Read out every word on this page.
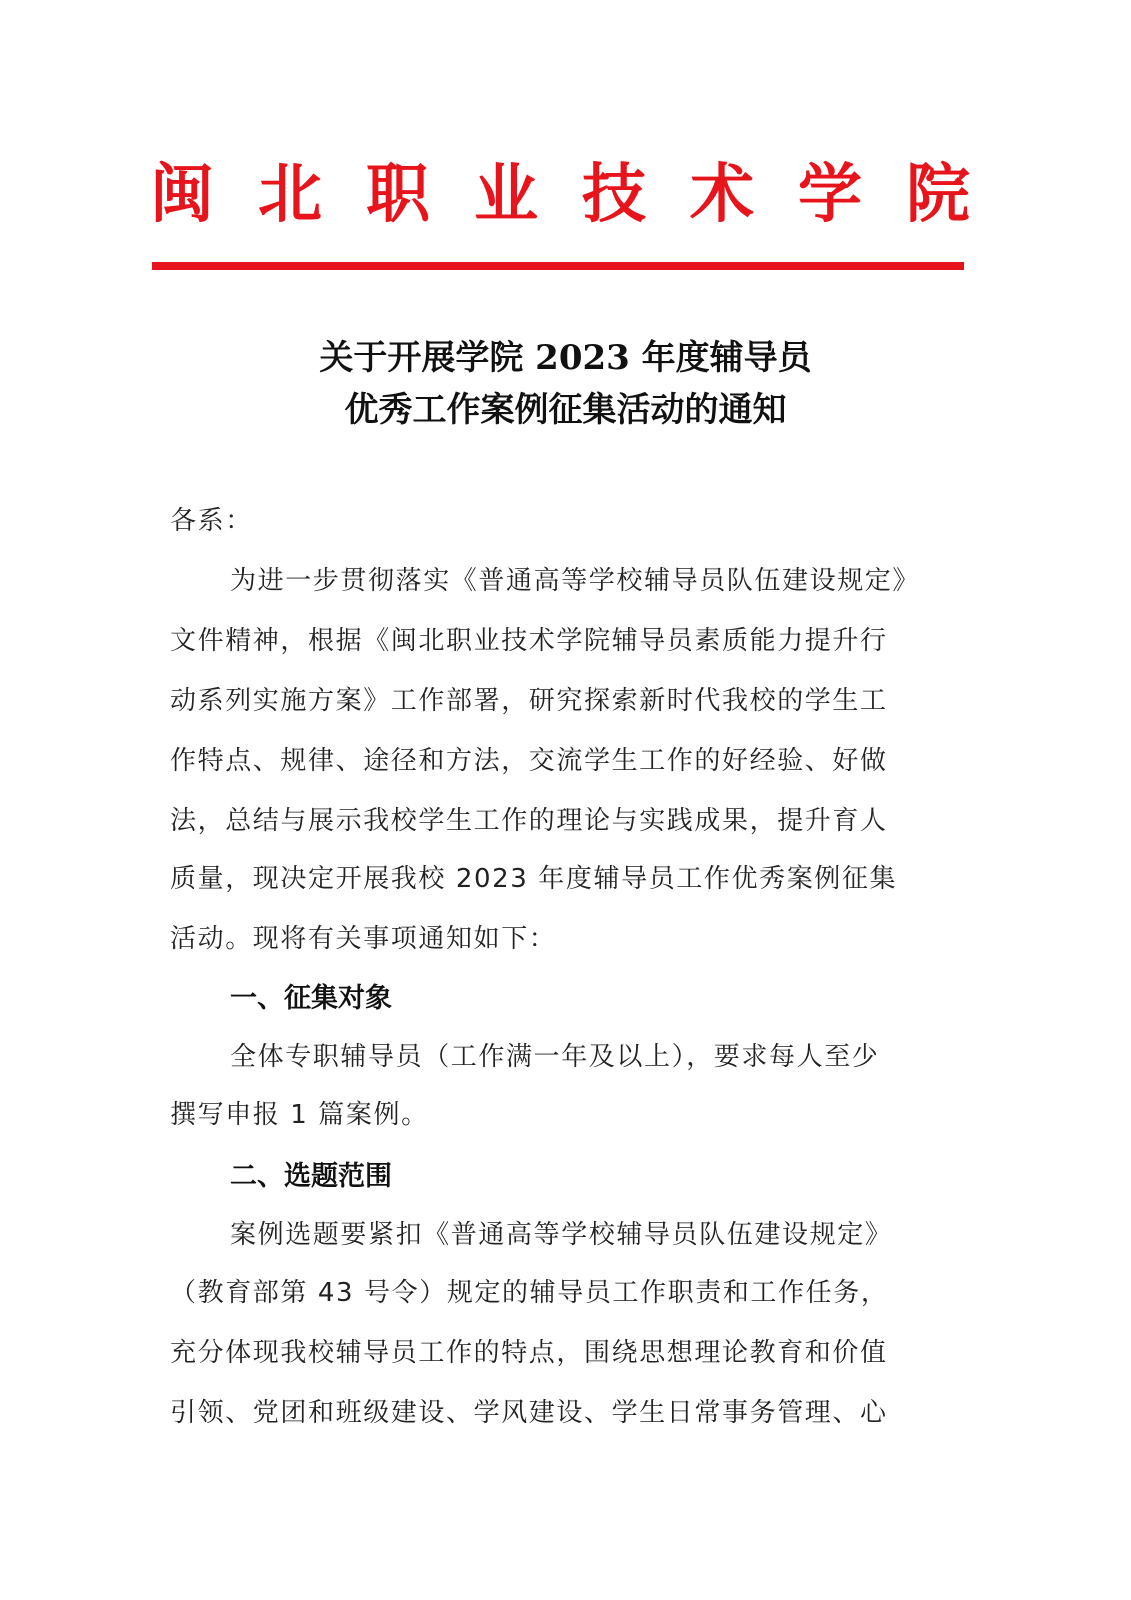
闽 北 职 业 技 术 学 院
关于开展学院 2023 年度辅导员
优秀工作案例征集活动的通知
各系：
为进一步贯彻落实《普通高等学校辅导员队伍建设规定》
文件精神，根据《闽北职业技术学院辅导员素质能力提升行
动系列实施方案》工作部署，研究探索新时代我校的学生工
作特点、规律、途径和方法，交流学生工作的好经验、好做
法，总结与展示我校学生工作的理论与实践成果，提升育人
质量，现决定开展我校 2023 年度辅导员工作优秀案例征集
活动。现将有关事项通知如下：
一、征集对象
全体专职辅导员（工作满一年及以上），要求每人至少
撰写申报 1 篇案例。
二、选题范围
案例选题要紧扣《普通高等学校辅导员队伍建设规定》
（教育部第 43 号令）规定的辅导员工作职责和工作任务，
充分体现我校辅导员工作的特点，围绕思想理论教育和价值
引领、党团和班级建设、学风建设、学生日常事务管理、心
